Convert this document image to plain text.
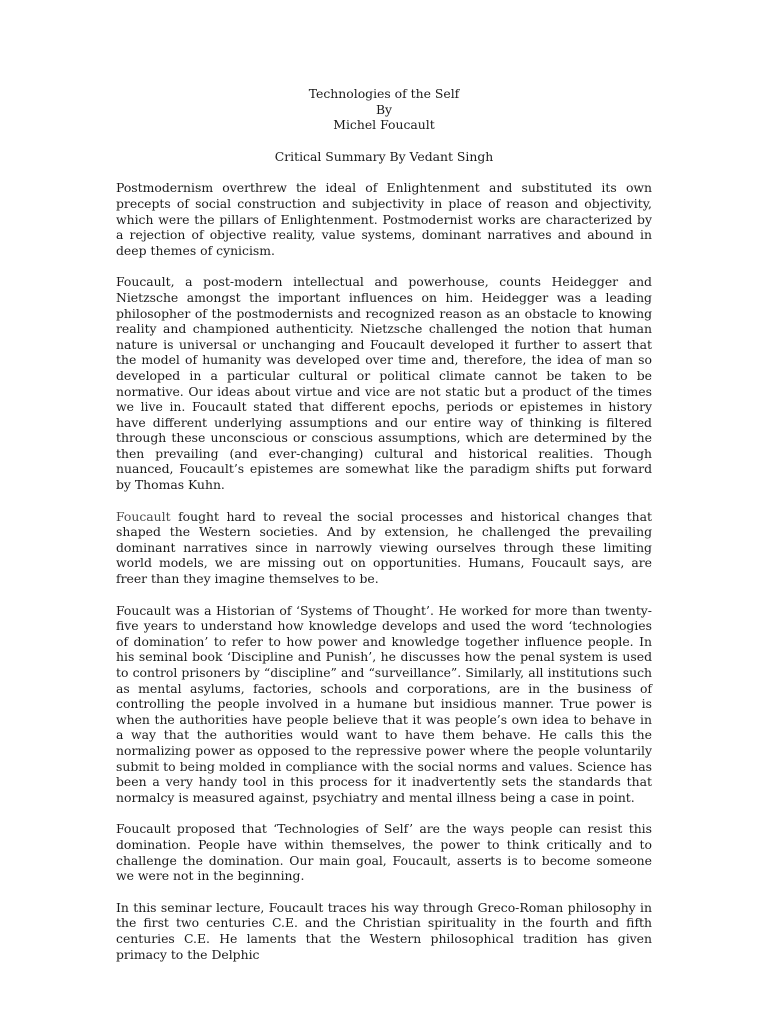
Technologies of the Self
By
Michel Foucault
Critical Summary By Vedant Singh

Postmodernism overthrew the ideal of Enlightenment and substituted its own precepts of social construction and subjectivity in place of reason and objectivity, which were the pillars of Enlightenment. Postmodernist works are characterized by a rejection of objective reality, value systems, dominant narratives and abound in deep themes of cynicism.

Foucault, a post-modern intellectual and powerhouse, counts Heidegger and Nietzsche amongst the important influences on him. Heidegger was a leading philosopher of the postmodernists and recognized reason as an obstacle to knowing reality and championed authenticity. Nietzsche challenged the notion that human nature is universal or unchanging and Foucault developed it further to assert that the model of humanity was developed over time and, therefore, the idea of man so developed in a particular cultural or political climate cannot be taken to be normative. Our ideas about virtue and vice are not static but a product of the times we live in. Foucault stated that different epochs, periods or epistemes in history have different underlying assumptions and our entire way of thinking is filtered through these unconscious or conscious assumptions, which are determined by the then prevailing (and ever-changing) cultural and historical realities. Though nuanced, Foucault’s epistemes are somewhat like the paradigm shifts put forward by Thomas Kuhn.

Foucault fought hard to reveal the social processes and historical changes that shaped the Western societies. And by extension, he challenged the prevailing dominant narratives since in narrowly viewing ourselves through these limiting world models, we are missing out on opportunities. Humans, Foucault says, are freer than they imagine themselves to be.

Foucault was a Historian of ‘Systems of Thought’. He worked for more than twenty-five years to understand how knowledge develops and used the word ‘technologies of domination’ to refer to how power and knowledge together influence people. In his seminal book ‘Discipline and Punish’, he discusses how the penal system is used to control prisoners by “discipline” and “surveillance”. Similarly, all institutions such as mental asylums, factories, schools and corporations, are in the business of controlling the people involved in a humane but insidious manner. True power is when the authorities have people believe that it was people’s own idea to behave in a way that the authorities would want to have them behave. He calls this the normalizing power as opposed to the repressive power where the people voluntarily submit to being molded in compliance with the social norms and values. Science has been a very handy tool in this process for it inadvertently sets the standards that normalcy is measured against, psychiatry and mental illness being a case in point.

Foucault proposed that ‘Technologies of Self’ are the ways people can resist this domination. People have within themselves, the power to think critically and to challenge the domination. Our main goal, Foucault, asserts is to become someone we were not in the beginning.

In this seminar lecture, Foucault traces his way through Greco-Roman philosophy in the first two centuries C.E. and the Christian spirituality in the fourth and fifth centuries C.E. He laments that the Western philosophical tradition has given primacy to the Delphic
